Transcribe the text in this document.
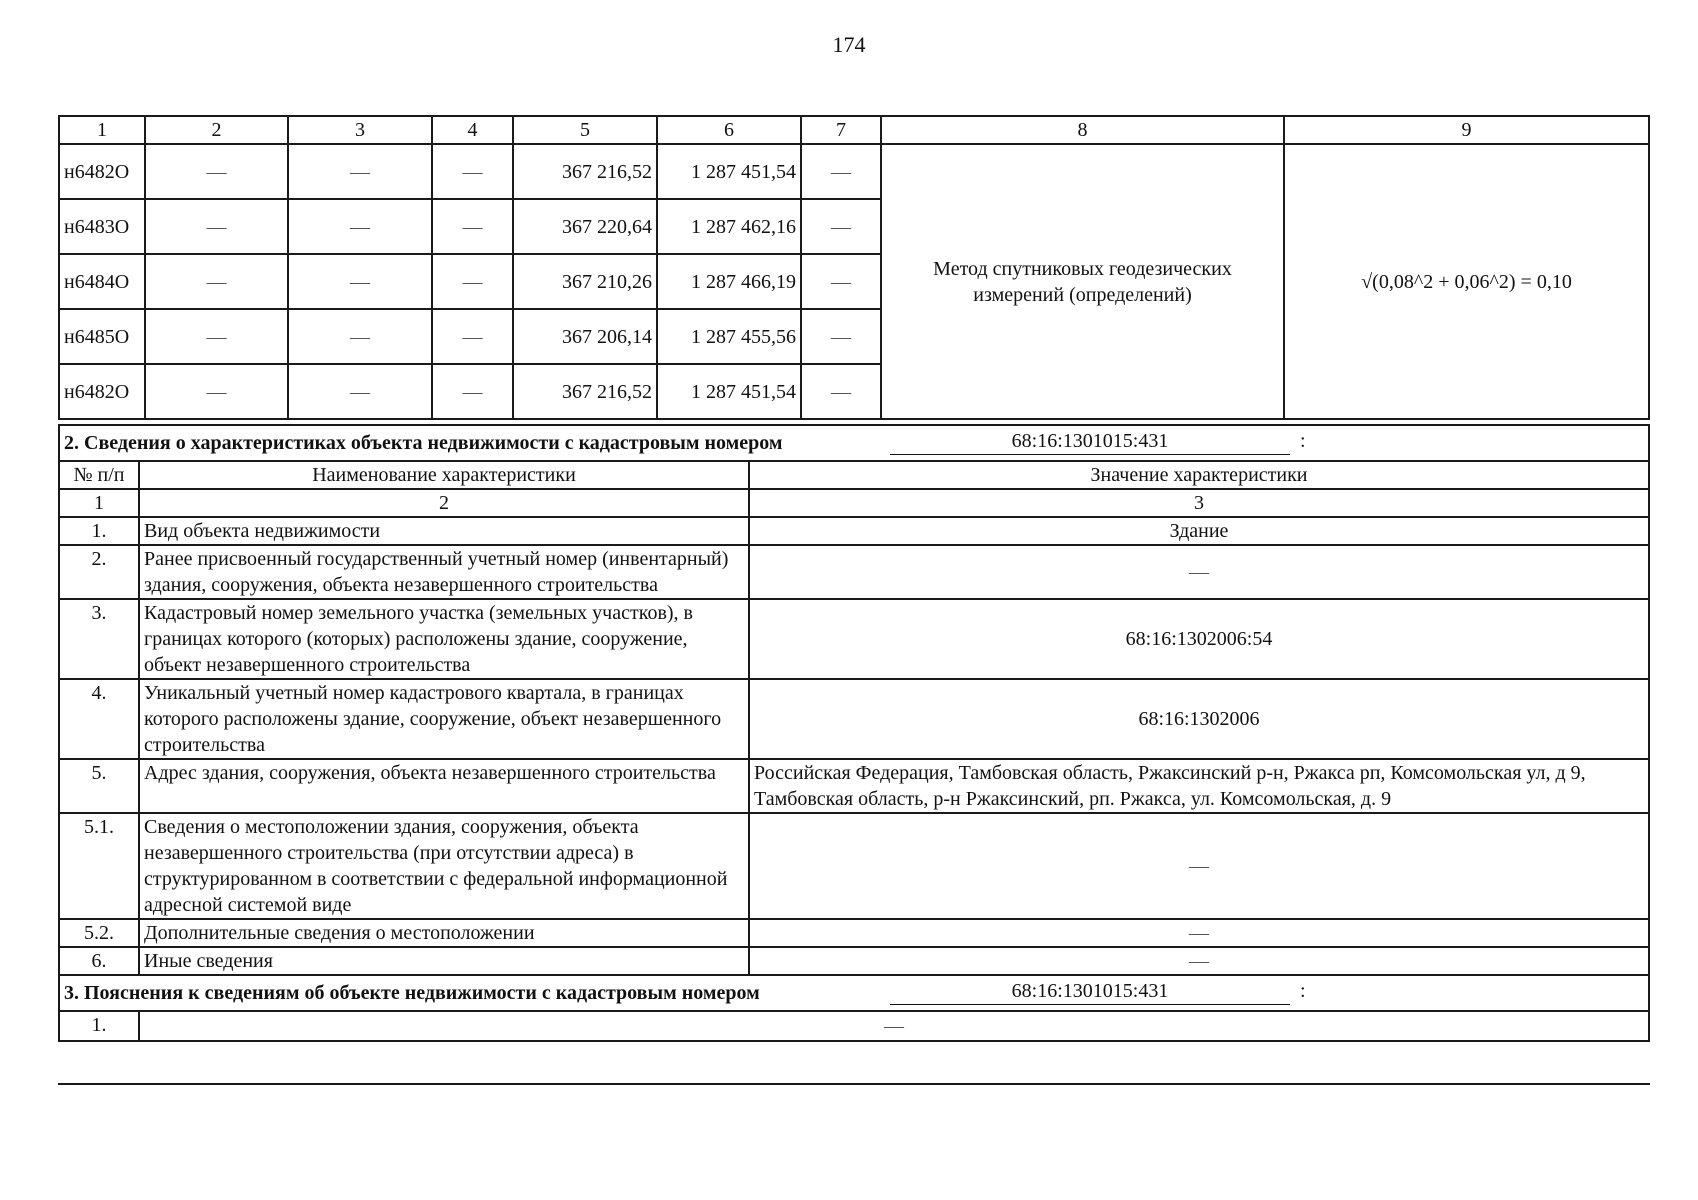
174
1	2	3	4	5	6	7	8	9
н6482О	—	—	—	367 216,52	1 287 451,54	—	Метод спутниковых геодезических измерений (определений)	√(0,08^2 + 0,06^2) = 0,10
н6483О	—	—	—	367 220,64	1 287 462,16	—		
н6484О	—	—	—	367 210,26	1 287 466,19	—		
н6485О	—	—	—	367 206,14	1 287 455,56	—		
н6482О	—	—	—	367 216,52	1 287 451,54	—		
2. Сведения о характеристиках объекта недвижимости с кадастровым номером 68:16:1301015:431 :		

№ п/п	Наименование характеристики	Значение характеристики
1	2	3
1.	Вид объекта недвижимости	Здание
2.	Ранее присвоенный государственный учетный номер (инвентарный) здания, сооружения, объекта незавершенного строительства	—
3.	Кадастровый номер земельного участка (земельных участков), в границах которого (которых) расположены здание, сооружение, объект незавершенного строительства	68:16:1302006:54
4.	Уникальный учетный номер кадастрового квартала, в границах которого расположены здание, сооружение, объект незавершенного строительства	68:16:1302006
5.	Адрес здания, сооружения, объекта незавершенного строительства	Российская Федерация, Тамбовская область, Ржаксинский р-н, Ржакса рп, Комсомольская ул, д 9, Тамбовская область, р-н Ржаксинский, рп. Ржакса, ул. Комсомольская, д. 9
5.1.	Сведения о местоположении здания, сооружения, объекта незавершенного строительства (при отсутствии адреса) в структурированном в соответствии с федеральной информационной адресной системой виде	—
5.2.	Дополнительные сведения о местоположении	—
6.	Иные сведения	—
3. Пояснения к сведениям об объекте недвижимости с кадастровым номером 68:16:1301015:431 :		

1.	—	
